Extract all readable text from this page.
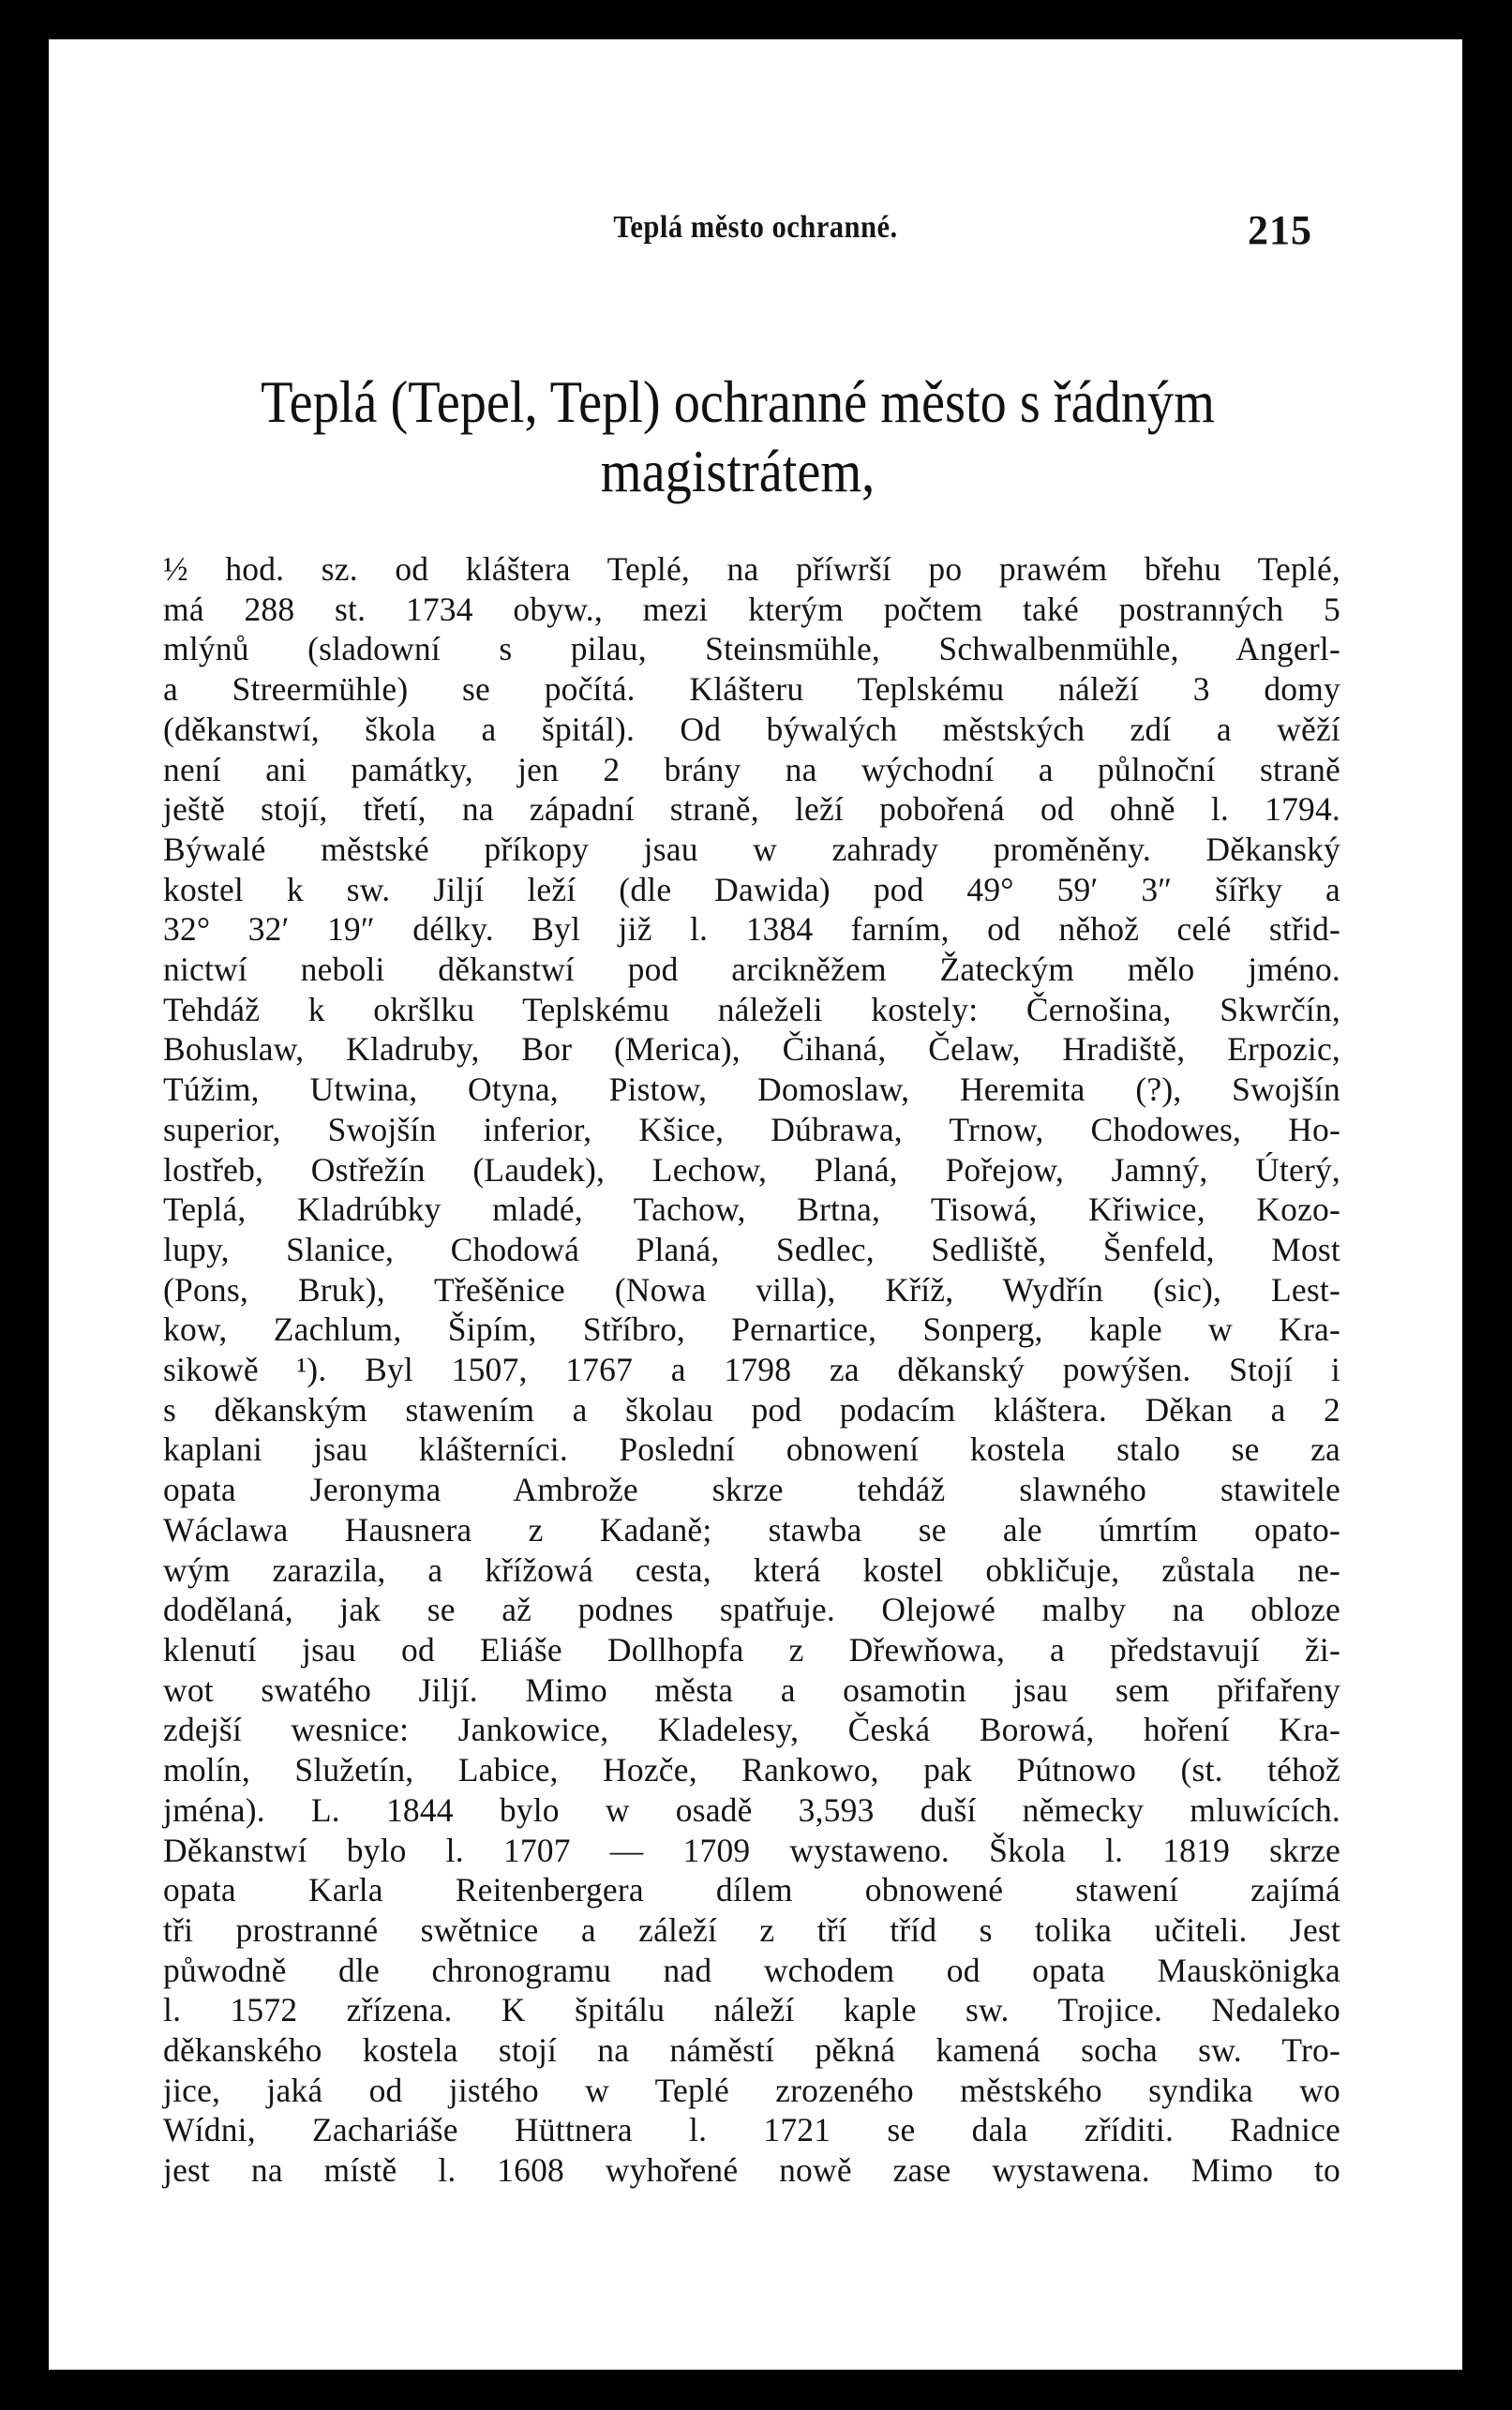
Teplá město ochranné.	215
Teplá (Tepel, Tepl) ochranné město s řádným
magistrátem,
½ hod. sz. od kláštera Teplé, na příwrší po prawém břehu Teplé,
má 288 st. 1734 obyw., mezi kterým počtem také postranných 5
mlýnů (sladowní s pilau, Steinsmühle, Schwalbenmühle, Angerl-
a Streermühle) se počítá. Klášteru Teplskému náleží 3 domy
(děkanstwí, škola a špitál). Od býwalých městských zdí a wěží
není ani památky, jen 2 brány na wýchodní a půlnoční straně
ještě stojí, třetí, na západní straně, leží pobořená od ohně l. 1794.
Býwalé městské příkopy jsau w zahrady proměněny. Děkanský
kostel k sw. Jiljí leží (dle Dawida) pod 49° 59′ 3″ šířky a
32° 32′ 19″ délky. Byl již l. 1384 farním, od něhož celé střid-
nictwí neboli děkanstwí pod arcikněžem Žateckým mělo jméno.
Tehdáž k okršlku Teplskému náleželi kostely: Černošina, Skwrčín,
Bohuslaw, Kladruby, Bor (Merica), Čihaná, Čelaw, Hradiště, Erpozic,
Túžim, Utwina, Otyna, Pistow, Domoslaw, Heremita (?), Swojšín
superior, Swojšín inferior, Kšice, Dúbrawa, Trnow, Chodowes, Ho-
lostřeb, Ostřežín (Laudek), Lechow, Planá, Pořejow, Jamný, Úterý,
Teplá, Kladrúbky mladé, Tachow, Brtna, Tisowá, Křiwice, Kozo-
lupy, Slanice, Chodowá Planá, Sedlec, Sedliště, Šenfeld, Most
(Pons, Bruk), Třešěnice (Nowa villa), Kříž, Wydřín (sic), Lest-
kow, Zachlum, Šipím, Stříbro, Pernartice, Sonperg, kaple w Kra-
sikowě ¹). Byl 1507, 1767 a 1798 za děkanský powýšen. Stojí i
s děkanským stawením a školau pod podacím kláštera. Děkan a 2
kaplani jsau klášterníci. Poslední obnowení kostela stalo se za
opata Jeronyma Ambrože skrze tehdáž slawného stawitele
Wáclawa Hausnera z Kadaně; stawba se ale úmrtím opato-
wým zarazila, a křížowá cesta, která kostel obkličuje, zůstala ne-
dodělaná, jak se až podnes spatřuje. Olejowé malby na obloze
klenutí jsau od Eliáše Dollhopfa z Dřewňowa, a představují ži-
wot swatého Jiljí. Mimo města a osamotin jsau sem přifařeny
zdejší wesnice: Jankowice, Kladelesy, Česká Borowá, hoření Kra-
molín, Služetín, Labice, Hozče, Rankowo, pak Pútnowo (st. téhož
jména). L. 1844 bylo w osadě 3,593 duší německy mluwících.
Děkanstwí bylo l. 1707 — 1709 wystaweno. Škola l. 1819 skrze
opata Karla Reitenbergera dílem obnowené stawení zajímá
tři prostranné swětnice a záleží z tří tříd s tolika učiteli. Jest
půwodně dle chronogramu nad wchodem od opata Mauskönigka
l. 1572 zřízena. K špitálu náleží kaple sw. Trojice. Nedaleko
děkanského kostela stojí na náměstí pěkná kamená socha sw. Tro-
jice, jaká od jistého w Teplé zrozeného městského syndika wo
Wídni, Zachariáše Hüttnera l. 1721 se dala zříditi. Radnice
jest na místě l. 1608 wyhořené nowě zase wystawena. Mimo to
